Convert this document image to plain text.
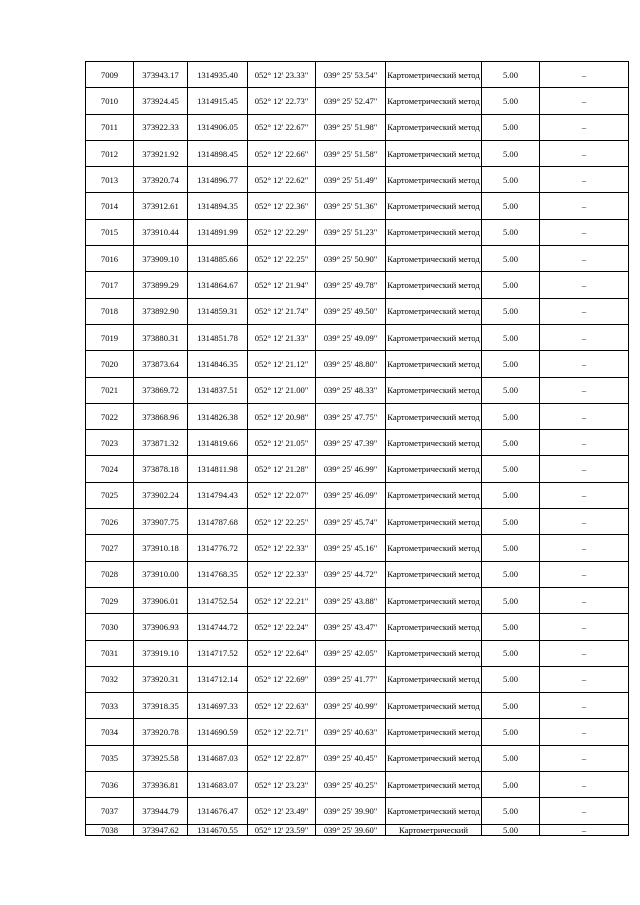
7009	373943.17	1314935.40	052° 12' 23.33"	039° 25' 53.54"	Картометрический метод	5.00	–
7010	373924.45	1314915.45	052° 12' 22.73"	039° 25' 52.47"	Картометрический метод	5.00	–
7011	373922.33	1314906.05	052° 12' 22.67"	039° 25' 51.98"	Картометрический метод	5.00	–
7012	373921.92	1314898.45	052° 12' 22.66"	039° 25' 51.58"	Картометрический метод	5.00	–
7013	373920.74	1314896.77	052° 12' 22.62"	039° 25' 51.49"	Картометрический метод	5.00	–
7014	373912.61	1314894.35	052° 12' 22.36"	039° 25' 51.36"	Картометрический метод	5.00	–
7015	373910.44	1314891.99	052° 12' 22.29"	039° 25' 51.23"	Картометрический метод	5.00	–
7016	373909.10	1314885.66	052° 12' 22.25"	039° 25' 50.90"	Картометрический метод	5.00	–
7017	373899.29	1314864.67	052° 12' 21.94"	039° 25' 49.78"	Картометрический метод	5.00	–
7018	373892.90	1314859.31	052° 12' 21.74"	039° 25' 49.50"	Картометрический метод	5.00	–
7019	373880.31	1314851.78	052° 12' 21.33"	039° 25' 49.09"	Картометрический метод	5.00	–
7020	373873.64	1314846.35	052° 12' 21.12"	039° 25' 48.80"	Картометрический метод	5.00	–
7021	373869.72	1314837.51	052° 12' 21.00"	039° 25' 48.33"	Картометрический метод	5.00	–
7022	373868.96	1314826.38	052° 12' 20.98"	039° 25' 47.75"	Картометрический метод	5.00	–
7023	373871.32	1314819.66	052° 12' 21.05"	039° 25' 47.39"	Картометрический метод	5.00	–
7024	373878.18	1314811.98	052° 12' 21.28"	039° 25' 46.99"	Картометрический метод	5.00	–
7025	373902.24	1314794.43	052° 12' 22.07"	039° 25' 46.09"	Картометрический метод	5.00	–
7026	373907.75	1314787.68	052° 12' 22.25"	039° 25' 45.74"	Картометрический метод	5.00	–
7027	373910.18	1314776.72	052° 12' 22.33"	039° 25' 45.16"	Картометрический метод	5.00	–
7028	373910.00	1314768.35	052° 12' 22.33"	039° 25' 44.72"	Картометрический метод	5.00	–
7029	373906.01	1314752.54	052° 12' 22.21"	039° 25' 43.88"	Картометрический метод	5.00	–
7030	373906.93	1314744.72	052° 12' 22.24"	039° 25' 43.47"	Картометрический метод	5.00	–
7031	373919.10	1314717.52	052° 12' 22.64"	039° 25' 42.05"	Картометрический метод	5.00	–
7032	373920.31	1314712.14	052° 12' 22.69"	039° 25' 41.77"	Картометрический метод	5.00	–
7033	373918.35	1314697.33	052° 12' 22.63"	039° 25' 40.99"	Картометрический метод	5.00	–
7034	373920.78	1314690.59	052° 12' 22.71"	039° 25' 40.63"	Картометрический метод	5.00	–
7035	373925.58	1314687.03	052° 12' 22.87"	039° 25' 40.45"	Картометрический метод	5.00	–
7036	373936.81	1314683.07	052° 12' 23.23"	039° 25' 40.25"	Картометрический метод	5.00	–
7037	373944.79	1314676.47	052° 12' 23.49"	039° 25' 39.90"	Картометрический метод	5.00	–
7038	373947.62	1314670.55	052° 12' 23.59"	039° 25' 39.60"	Картометрический	5.00	–
